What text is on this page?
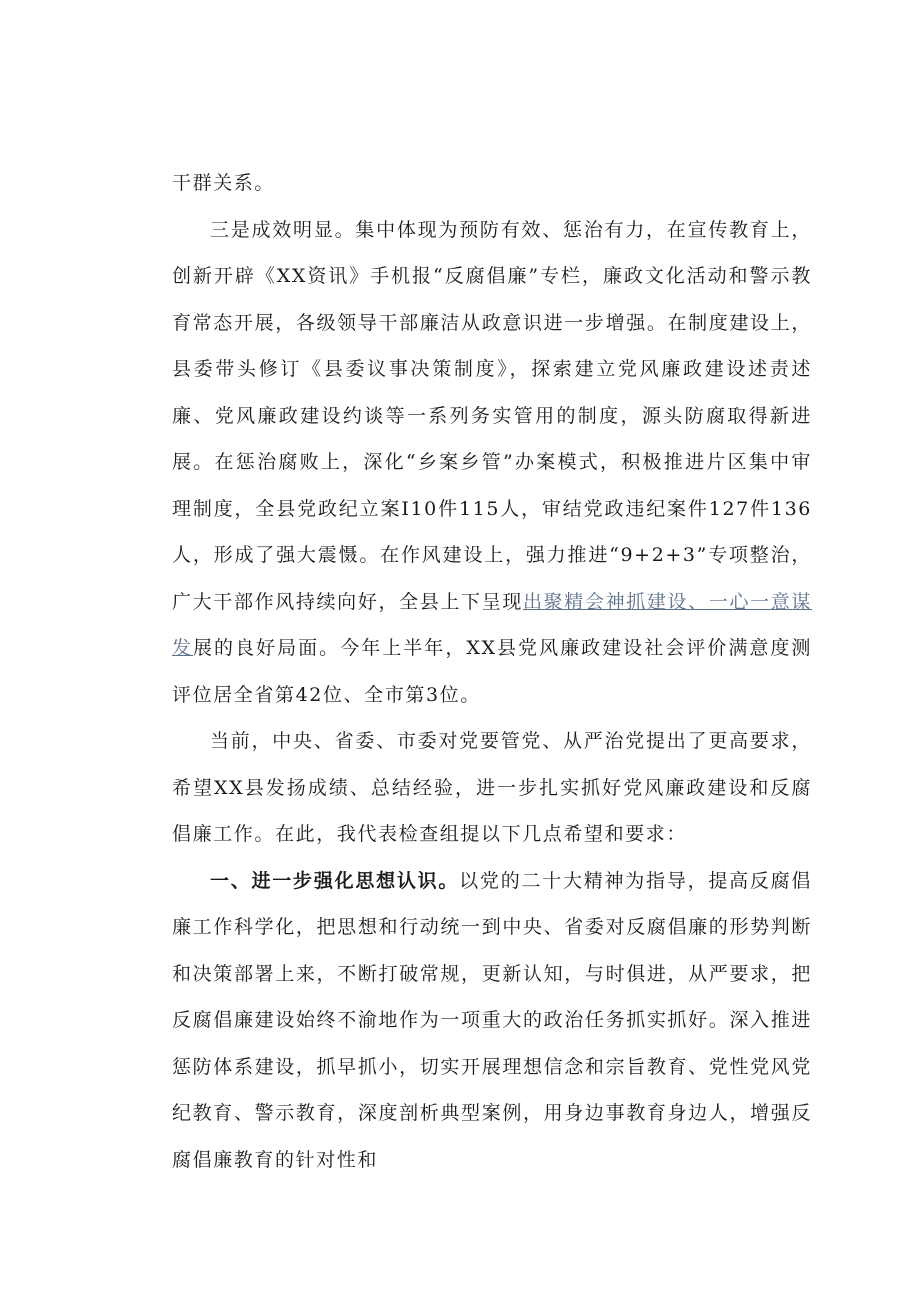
干群关系。

三是成效明显。集中体现为预防有效、惩治有力，在宣传教育上，创新开辟《XX资讯》手机报“反腐倡廉”专栏，廉政文化活动和警示教育常态开展，各级领导干部廉洁从政意识进一步增强。在制度建设上，县委带头修订《县委议事决策制度》，探索建立党风廉政建设述责述廉、党风廉政建设约谈等一系列务实管用的制度，源头防腐取得新进展。在惩治腐败上，深化“乡案乡管”办案模式，积极推进片区集中审理制度，全县党政纪立案I10件115人，审结党政违纪案件127件136人，形成了强大震慑。在作风建设上，强力推进“9+2+3”专项整治，广大干部作风持续向好，全县上下呈现出聚精会神抓建设、一心一意谋发展的良好局面。今年上半年，XX县党风廉政建设社会评价满意度测评位居全省第42位、全市第3位。

当前，中央、省委、市委对党要管党、从严治党提出了更高要求，希望XX县发扬成绩、总结经验，进一步扎实抓好党风廉政建设和反腐倡廉工作。在此，我代表检查组提以下几点希望和要求：

一、进一步强化思想认识。以党的二十大精神为指导，提高反腐倡廉工作科学化，把思想和行动统一到中央、省委对反腐倡廉的形势判断和决策部署上来，不断打破常规，更新认知，与时俱进，从严要求，把反腐倡廉建设始终不渝地作为一项重大的政治任务抓实抓好。深入推进惩防体系建设，抓早抓小，切实开展理想信念和宗旨教育、党性党风党纪教育、警示教育，深度剖析典型案例，用身边事教育身边人，增强反腐倡廉教育的针对性和
